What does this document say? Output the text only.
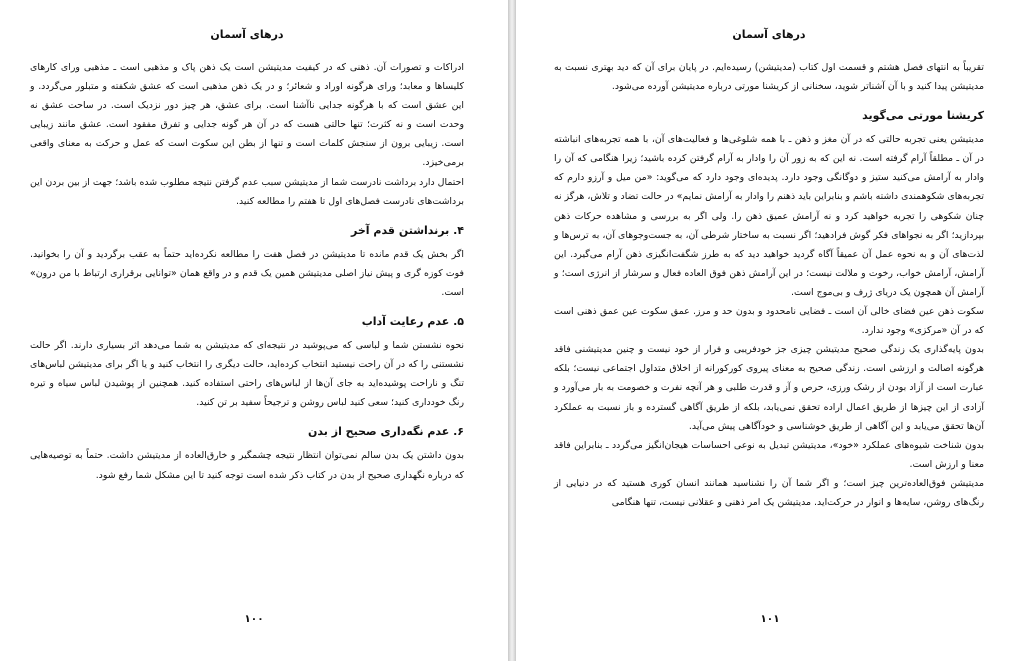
درهای آسمان

ادراکات و تصورات آن. ذهنی که در کیفیت مدیتیشن است یک ذهن پاک و مذهبی است ـ مذهبی ورای کارهای کلیساها و معابد؛ ورای هرگونه اوراد و شعائر؛ و در یک ذهن مذهبی است که عشق شکفته و متبلور می‌گردد. و این عشق است که با هرگونه جدایی ناآشنا است. برای عشق، هر چیز دور نزدیک است. در ساحت عشق نه وحدت است و نه کثرت؛ تنها حالتی هست که در آن هر گونه جدایی و تفرق مفقود است. عشق مانند زیبایی است. زیبایی برون از سنجش کلمات است و تنها از بطن این سکوت است که عمل و حرکت به معنای واقعی برمی‌خیزد.

احتمال دارد برداشت نادرست شما از مدیتیشن سبب عدم گرفتن نتیجه مطلوب شده باشد؛ جهت از بین بردن این برداشت‌های نادرست فصل‌های اول تا هفتم را مطالعه کنید.

۴. برنداشتن قدم آخر

اگر بخش یک قدم مانده تا مدیتیشن در فصل هفت را مطالعه نکرده‌اید حتماً به عقب برگردید و آن را بخوانید. فوت کوزه گری و پیش نیاز اصلی مدیتیشن همین یک قدم و در واقع همان «توانایی برقراری ارتباط با من درون» است.

۵. عدم رعایت آداب

نحوه نشستن شما و لباسی که می‌پوشید در نتیجه‌ای که مدیتیشن به شما می‌دهد اثر بسیاری دارند. اگر حالت نشستنی را که در آن راحت نیستید انتخاب کرده‌اید، حالت دیگری را انتخاب کنید و یا اگر برای مدیتیشن لباس‌های تنگ و ناراحت پوشیده‌اید به جای آن‌ها از لباس‌های راحتی استفاده کنید. همچنین از پوشیدن لباس سیاه و تیره رنگ خودداری کنید؛ سعی کنید لباس روشن و ترجیحاً سفید بر تن کنید.

۶. عدم نگه‌داری صحیح از بدن

بدون داشتن یک بدن سالم نمی‌توان انتظار نتیجه چشمگیر و خارق‌العاده از مدیتیشن داشت. حتماً به توصیه‌هایی که درباره نگهداری صحیح از بدن در کتاب ذکر شده است توجه کنید تا این مشکل شما رفع شود.

۱۰۰
درهای آسمان

تقریباً به انتهای فصل هشتم و قسمت اول کتاب (مدیتیشن) رسیده‌ایم. در پایان برای آن که دید بهتری نسبت به مدیتیشن پیدا کنید و با آن آشناتر شوید، سخنانی از کریشنا مورتی درباره مدیتیشن آورده می‌شود.

کریشنا مورتی می‌گوید

مدیتیشن یعنی تجربه حالتی که در آن مغز و ذهن ـ با همه شلوغی‌ها و فعالیت‌های آن، با همه تجربه‌های انباشته در آن ـ مطلقاً آرام گرفته است. نه این که به زور آن را وادار به آرام گرفتن کرده باشید؛ زیرا هنگامی که آن را وادار به آرامش می‌کنید ستیز و دوگانگی وجود دارد. پدیده‌ای وجود دارد که می‌گوید: «من میل و آرزو دارم که تجربه‌های شکوهمندی داشته باشم و بنابراین باید ذهنم را وادار به آرامش نمایم» در حالت تضاد و تلاش، هرگز نه چنان شکوهی را تجربه خواهید کرد و نه آرامش عمیق ذهن را. ولی اگر به بررسی و مشاهده حرکات ذهن بپردازید؛ اگر به نجواهای فکر گوش فرادهید؛ اگر نسبت به ساختار شرطی آن، به جست‌وجوهای آن، به ترس‌ها و لذت‌های آن و به نحوه عمل آن عمیقاً آگاه گردید خواهید دید که به طرز شگفت‌انگیزی ذهن آرام می‌گیرد. این آرامش، آرامش خواب، رخوت و ملالت نیست؛ در این آرامش ذهن فوق العاده فعال و سرشار از انرژی است؛ و آرامش آن همچون یک دریای ژرف و بی‌موج است.

سکوت ذهن عین فضای خالی آن است ـ فضایی نامحدود و بدون حد و مرز. عمق سکوت عین عمق ذهنی است که در آن «مرکزی» وجود ندارد.

بدون پایه‌گذاری یک زندگی صحیح مدیتیشن چیزی جز خودفریبی و فرار از خود نیست و چنین مدیتیشنی فاقد هرگونه اصالت و ارزشی است. زندگی صحیح به معنای پیروی کورکورانه از اخلاق متداول اجتماعی نیست؛ بلکه عبارت است از آزاد بودن از رشک ورزی، حرص و آز و قدرت طلبی و هر آنچه نفرت و خصومت به بار می‌آورد و آزادی از این چیزها از طریق اعمال اراده تحقق نمی‌یابد، بلکه از طریق آگاهی گسترده و باز نسبت به عملکرد آن‌ها تحقق می‌یابد و این آگاهی از طریق خوشناسی و خودآگاهی پیش می‌آید.

بدون شناخت شیوه‌های عملکرد «خود»، مدیتیشن تبدیل به نوعی احساسات هیجان‌انگیز می‌گردد ـ بنابراین فاقد معنا و ارزش است.

مدیتیشن فوق‌العاده‌ترین چیز است؛ و اگر شما آن را نشناسید همانند انسان کوری هستید که در دنیایی از رنگ‌های روشن، سایه‌ها و انوار در حرکت‌اید. مدیتیشن یک امر ذهنی و عقلانی نیست، تنها هنگامی

۱۰۱
